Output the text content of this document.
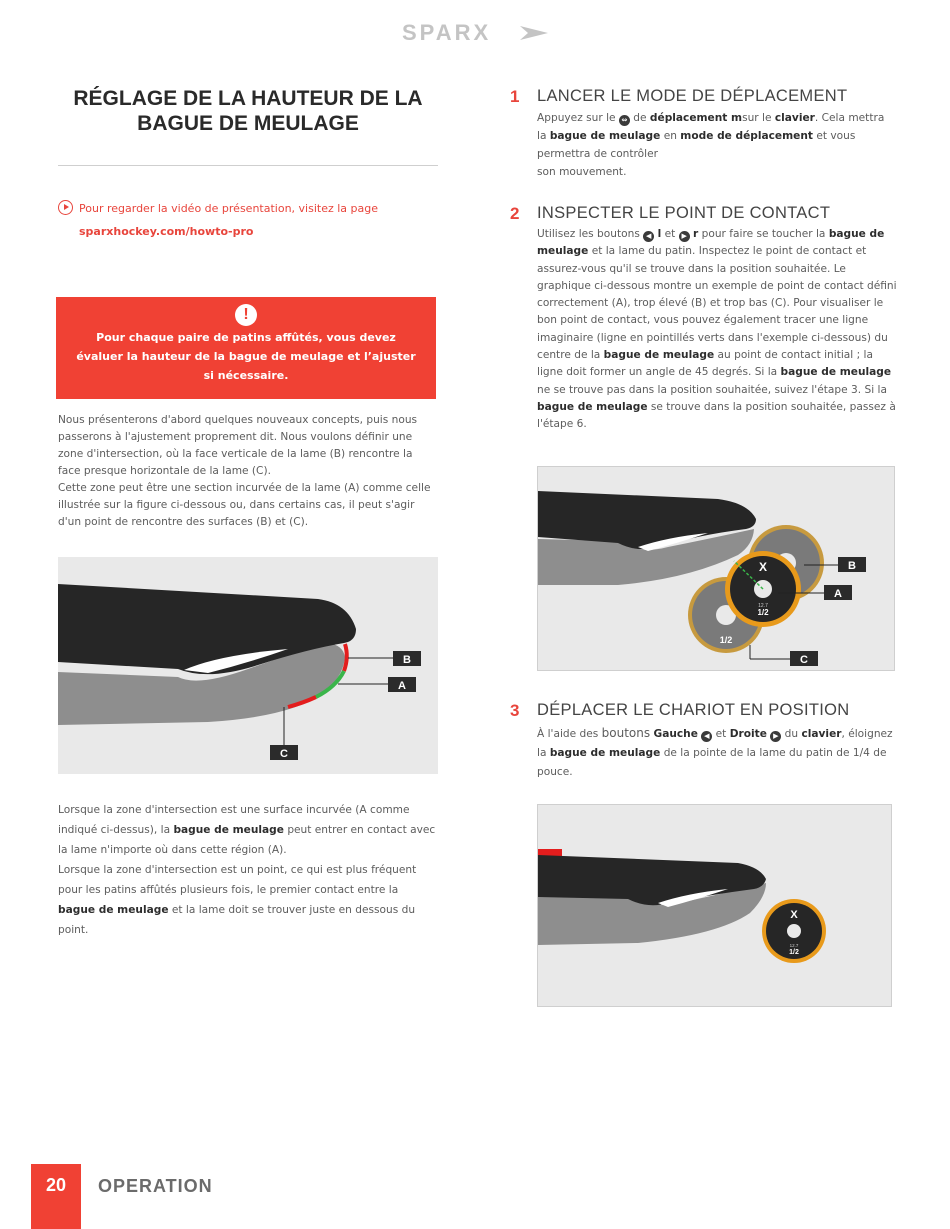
SPARX
RÉGLAGE DE LA HAUTEUR DE LA BAGUE DE MEULAGE
Pour regarder la vidéo de présentation, visitez la page
sparxhockey.com/howto-pro
!
Pour chaque paire de patins affûtés, vous devez évaluer la hauteur de la bague de meulage et l’ajuster si nécessaire.
Nous présenterons d'abord quelques nouveaux concepts, puis nous passerons à l'ajustement proprement dit. Nous voulons définir une zone d'intersection, où la face verticale de la lame (B) rencontre la face presque horizontale de la lame (C).
Cette zone peut être une section incurvée de la lame (A) comme celle illustrée sur la figure ci-dessous ou, dans certains cas, il peut s'agir d'un point de rencontre des surfaces (B) et (C).
B
A
C
Lorsque la zone d'intersection est une surface incurvée (A comme indiqué ci-dessus), la bague de meulage peut entrer en contact avec la lame n'importe où dans cette région (A).
Lorsque la zone d'intersection est un point, ce qui est plus fréquent pour les patins affûtés plusieurs fois, le premier contact entre la bague de meulage et la lame doit se trouver juste en dessous du point.
1 LANCER LE MODE DE DÉPLACEMENT
Appuyez sur le ⇔ de déplacement msur le clavier. Cela mettra la bague de meulage en mode de déplacement et vous permettra de contrôler
son mouvement.
2 INSPECTER LE POINT DE CONTACT
Utilisez les boutons ◀ l et ▶ r pour faire se toucher la bague de meulage et la lame du patin. Inspectez le point de contact et assurez-vous qu'il se trouve dans la position souhaitée. Le graphique ci-dessous montre un exemple de point de contact défini correctement (A), trop élevé (B) et trop bas (C). Pour visualiser le bon point de contact, vous pouvez également tracer une ligne imaginaire (ligne en pointillés verts dans l'exemple ci-dessous) du centre de la bague de meulage au point de contact initial ; la ligne doit former un angle de 45 degrés. Si la bague de meulage ne se trouve pas dans la position souhaitée, suivez l'étape 3. Si la bague de meulage se trouve dans la position souhaitée, passez à l'étape 6.
1/2
X
12.7
1/2
B
A
C
3 DÉPLACER LE CHARIOT EN POSITION
À l'aide des boutons Gauche ◀ et Droite ▶ du clavier, éloignez la bague de meulage de la pointe de la lame du patin de 1/4 de pouce.
X
12.7
1/2
20	OPERATION
